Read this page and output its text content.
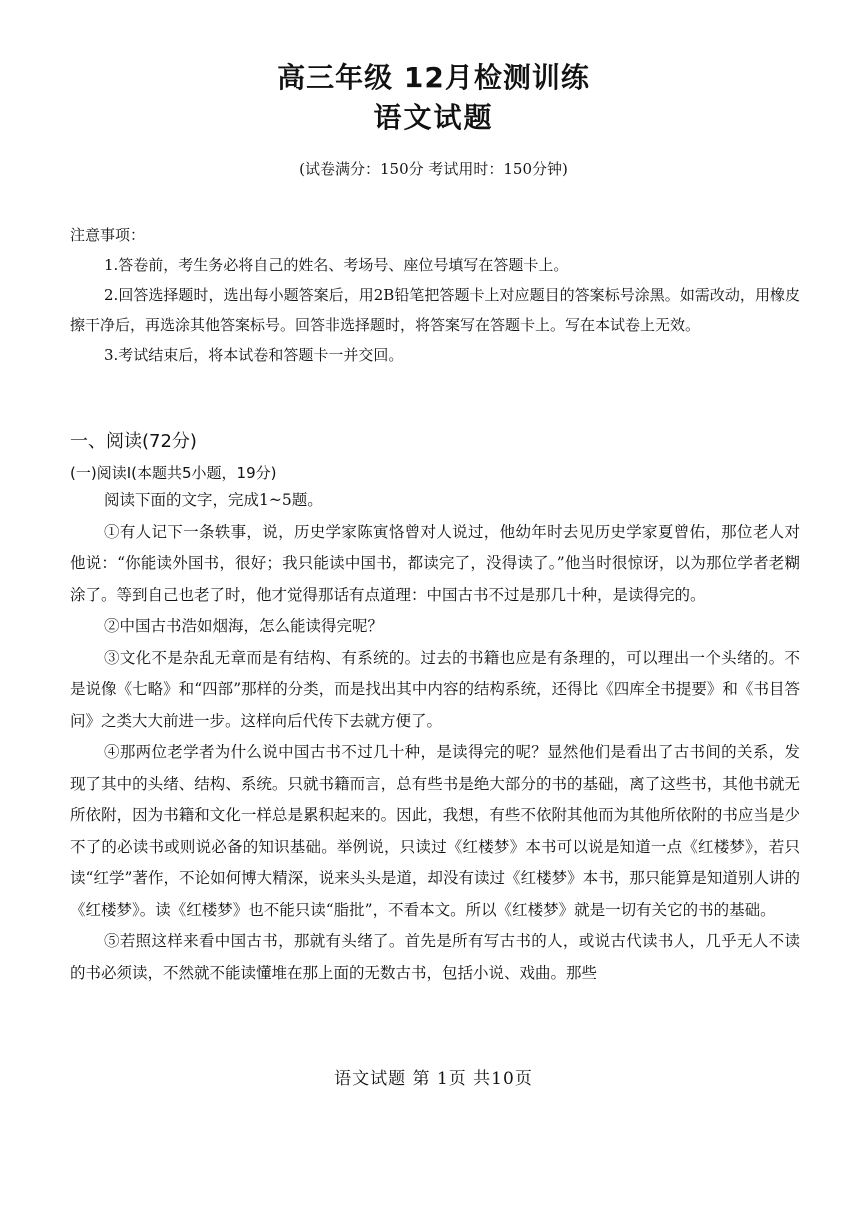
高三年级 12月检测训练
语文试题
(试卷满分：150分 考试用时：150分钟)
注意事项：

1.答卷前，考生务必将自己的姓名、考场号、座位号填写在答题卡上。

2.回答选择题时，选出每小题答案后，用2B铅笔把答题卡上对应题目的答案标号涂黑。如需改动，用橡皮擦干净后，再选涂其他答案标号。回答非选择题时，将答案写在答题卡上。写在本试卷上无效。

3.考试结束后，将本试卷和答题卡一并交回。

一、阅读(72分)
(一)阅读Ⅰ(本题共5小题，19分)

阅读下面的文字，完成1~5题。

①有人记下一条轶事，说，历史学家陈寅恪曾对人说过，他幼年时去见历史学家夏曾佑，那位老人对他说：“你能读外国书，很好；我只能读中国书，都读完了，没得读了。”他当时很惊讶，以为那位学者老糊涂了。等到自己也老了时，他才觉得那话有点道理：中国古书不过是那几十种，是读得完的。

②中国古书浩如烟海，怎么能读得完呢？

③文化不是杂乱无章而是有结构、有系统的。过去的书籍也应是有条理的，可以理出一个头绪的。不是说像《七略》和“四部”那样的分类，而是找出其中内容的结构系统，还得比《四库全书提要》和《书目答问》之类大大前进一步。这样向后代传下去就方便了。

④那两位老学者为什么说中国古书不过几十种，是读得完的呢？显然他们是看出了古书间的关系，发现了其中的头绪、结构、系统。只就书籍而言，总有些书是绝大部分的书的基础，离了这些书，其他书就无所依附，因为书籍和文化一样总是累积起来的。因此，我想，有些不依附其他而为其他所依附的书应当是少不了的必读书或则说必备的知识基础。举例说，只读过《红楼梦》本书可以说是知道一点《红楼梦》，若只读“红学”著作，不论如何博大精深，说来头头是道，却没有读过《红楼梦》本书，那只能算是知道别人讲的《红楼梦》。读《红楼梦》也不能只读“脂批”，不看本文。所以《红楼梦》就是一切有关它的书的基础。

⑤若照这样来看中国古书，那就有头绪了。首先是所有写古书的人，或说古代读书人，几乎无人不读的书必须读，不然就不能读懂堆在那上面的无数古书，包括小说、戏曲。那些

语文试题 第 1页 共10页
